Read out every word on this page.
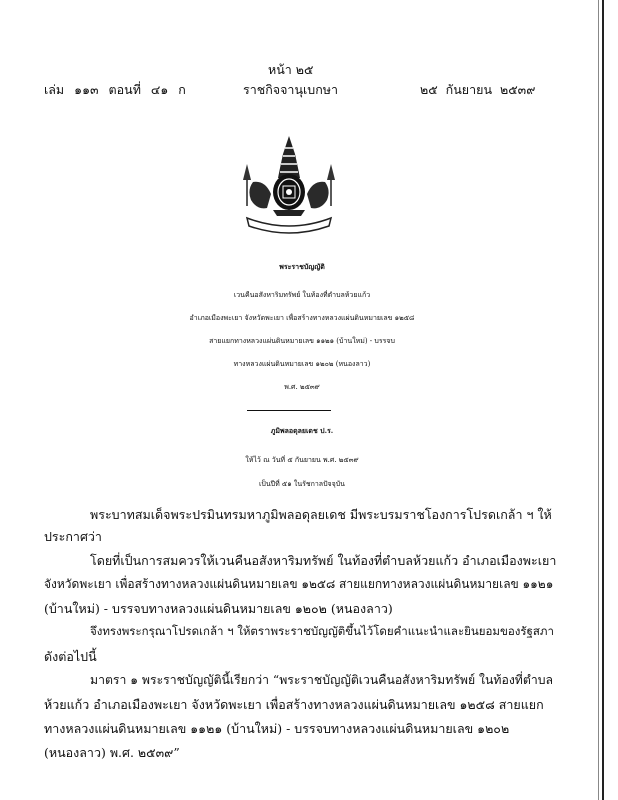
หน้า ๒๕
เล่ม ๑๑๓ ตอนที่ ๔๑ ก	ราชกิจจานุเบกษา	๒๕ กันยายน ๒๕๓๙
พระราชบัญญัติ
เวนคืนอสังหาริมทรัพย์ ในท้องที่ตำบลห้วยแก้ว
อำเภอเมืองพะเยา จังหวัดพะเยา เพื่อสร้างทางหลวงแผ่นดินหมายเลข ๑๒๕๘
สายแยกทางหลวงแผ่นดินหมายเลข ๑๑๒๑ (บ้านใหม่) - บรรจบ
ทางหลวงแผ่นดินหมายเลข ๑๒๐๒ (หนองลาว)
พ.ศ. ๒๕๓๙
ภูมิพลอดุลยเดช ป.ร.
ให้ไว้ ณ วันที่ ๕ กันยายน พ.ศ. ๒๕๓๙
เป็นปีที่ ๕๑ ในรัชกาลปัจจุบัน
พระบาทสมเด็จพระปรมินทรมหาภูมิพลอดุลยเดช มีพระบรมราชโองการโปรดเกล้า ฯ ให้
ประกาศว่า
โดยที่เป็นการสมควรให้เวนคืนอสังหาริมทรัพย์ ในท้องที่ตำบลห้วยแก้ว อำเภอเมืองพะเยา
จังหวัดพะเยา เพื่อสร้างทางหลวงแผ่นดินหมายเลข ๑๒๕๘ สายแยกทางหลวงแผ่นดินหมายเลข ๑๑๒๑
(บ้านใหม่) - บรรจบทางหลวงแผ่นดินหมายเลข ๑๒๐๒ (หนองลาว)
จึงทรงพระกรุณาโปรดเกล้า ฯ ให้ตราพระราชบัญญัติขึ้นไว้โดยคำแนะนำและยินยอมของรัฐสภา
ดังต่อไปนี้
มาตรา ๑ พระราชบัญญัตินี้เรียกว่า “พระราชบัญญัติเวนคืนอสังหาริมทรัพย์ ในท้องที่ตำบล
ห้วยแก้ว อำเภอเมืองพะเยา จังหวัดพะเยา เพื่อสร้างทางหลวงแผ่นดินหมายเลข ๑๒๕๘ สายแยก
ทางหลวงแผ่นดินหมายเลข ๑๑๒๑ (บ้านใหม่) - บรรจบทางหลวงแผ่นดินหมายเลข ๑๒๐๒
(หนองลาว) พ.ศ. ๒๕๓๙”
